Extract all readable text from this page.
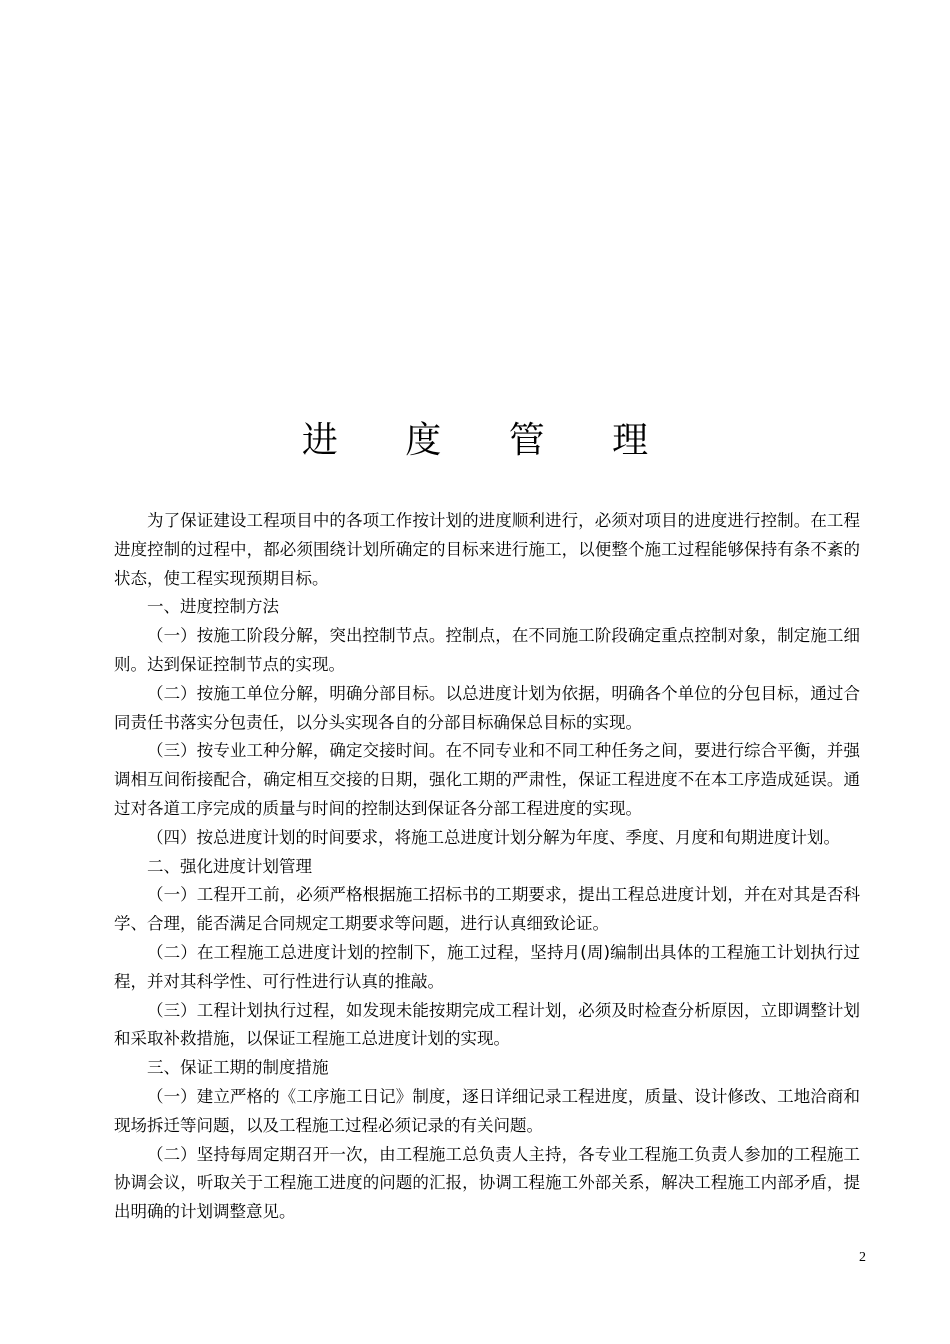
进 度 管 理

为了保证建设工程项目中的各项工作按计划的进度顺利进行，必须对项目的进度进行控制。在工程进度控制的过程中，都必须围绕计划所确定的目标来进行施工，以便整个施工过程能够保持有条不紊的状态，使工程实现预期目标。

一、进度控制方法

（一）按施工阶段分解，突出控制节点。控制点，在不同施工阶段确定重点控制对象，制定施工细则。达到保证控制节点的实现。

（二）按施工单位分解，明确分部目标。以总进度计划为依据，明确各个单位的分包目标，通过合同责任书落实分包责任，以分头实现各自的分部目标确保总目标的实现。

（三）按专业工种分解，确定交接时间。在不同专业和不同工种任务之间，要进行综合平衡，并强调相互间衔接配合，确定相互交接的日期，强化工期的严肃性，保证工程进度不在本工序造成延误。通过对各道工序完成的质量与时间的控制达到保证各分部工程进度的实现。

（四）按总进度计划的时间要求，将施工总进度计划分解为年度、季度、月度和旬期进度计划。

二、强化进度计划管理

（一）工程开工前，必须严格根据施工招标书的工期要求，提出工程总进度计划，并在对其是否科学、合理，能否满足合同规定工期要求等问题，进行认真细致论证。

（二）在工程施工总进度计划的控制下，施工过程，坚持月(周)编制出具体的工程施工计划执行过程，并对其科学性、可行性进行认真的推敲。

（三）工程计划执行过程，如发现未能按期完成工程计划，必须及时检查分析原因，立即调整计划和采取补救措施，以保证工程施工总进度计划的实现。

三、保证工期的制度措施

（一）建立严格的《工序施工日记》制度，逐日详细记录工程进度，质量、设计修改、工地洽商和现场拆迁等问题，以及工程施工过程必须记录的有关问题。

（二）坚持每周定期召开一次，由工程施工总负责人主持，各专业工程施工负责人参加的工程施工协调会议，听取关于工程施工进度的问题的汇报，协调工程施工外部关系，解决工程施工内部矛盾，提出明确的计划调整意见。

2
